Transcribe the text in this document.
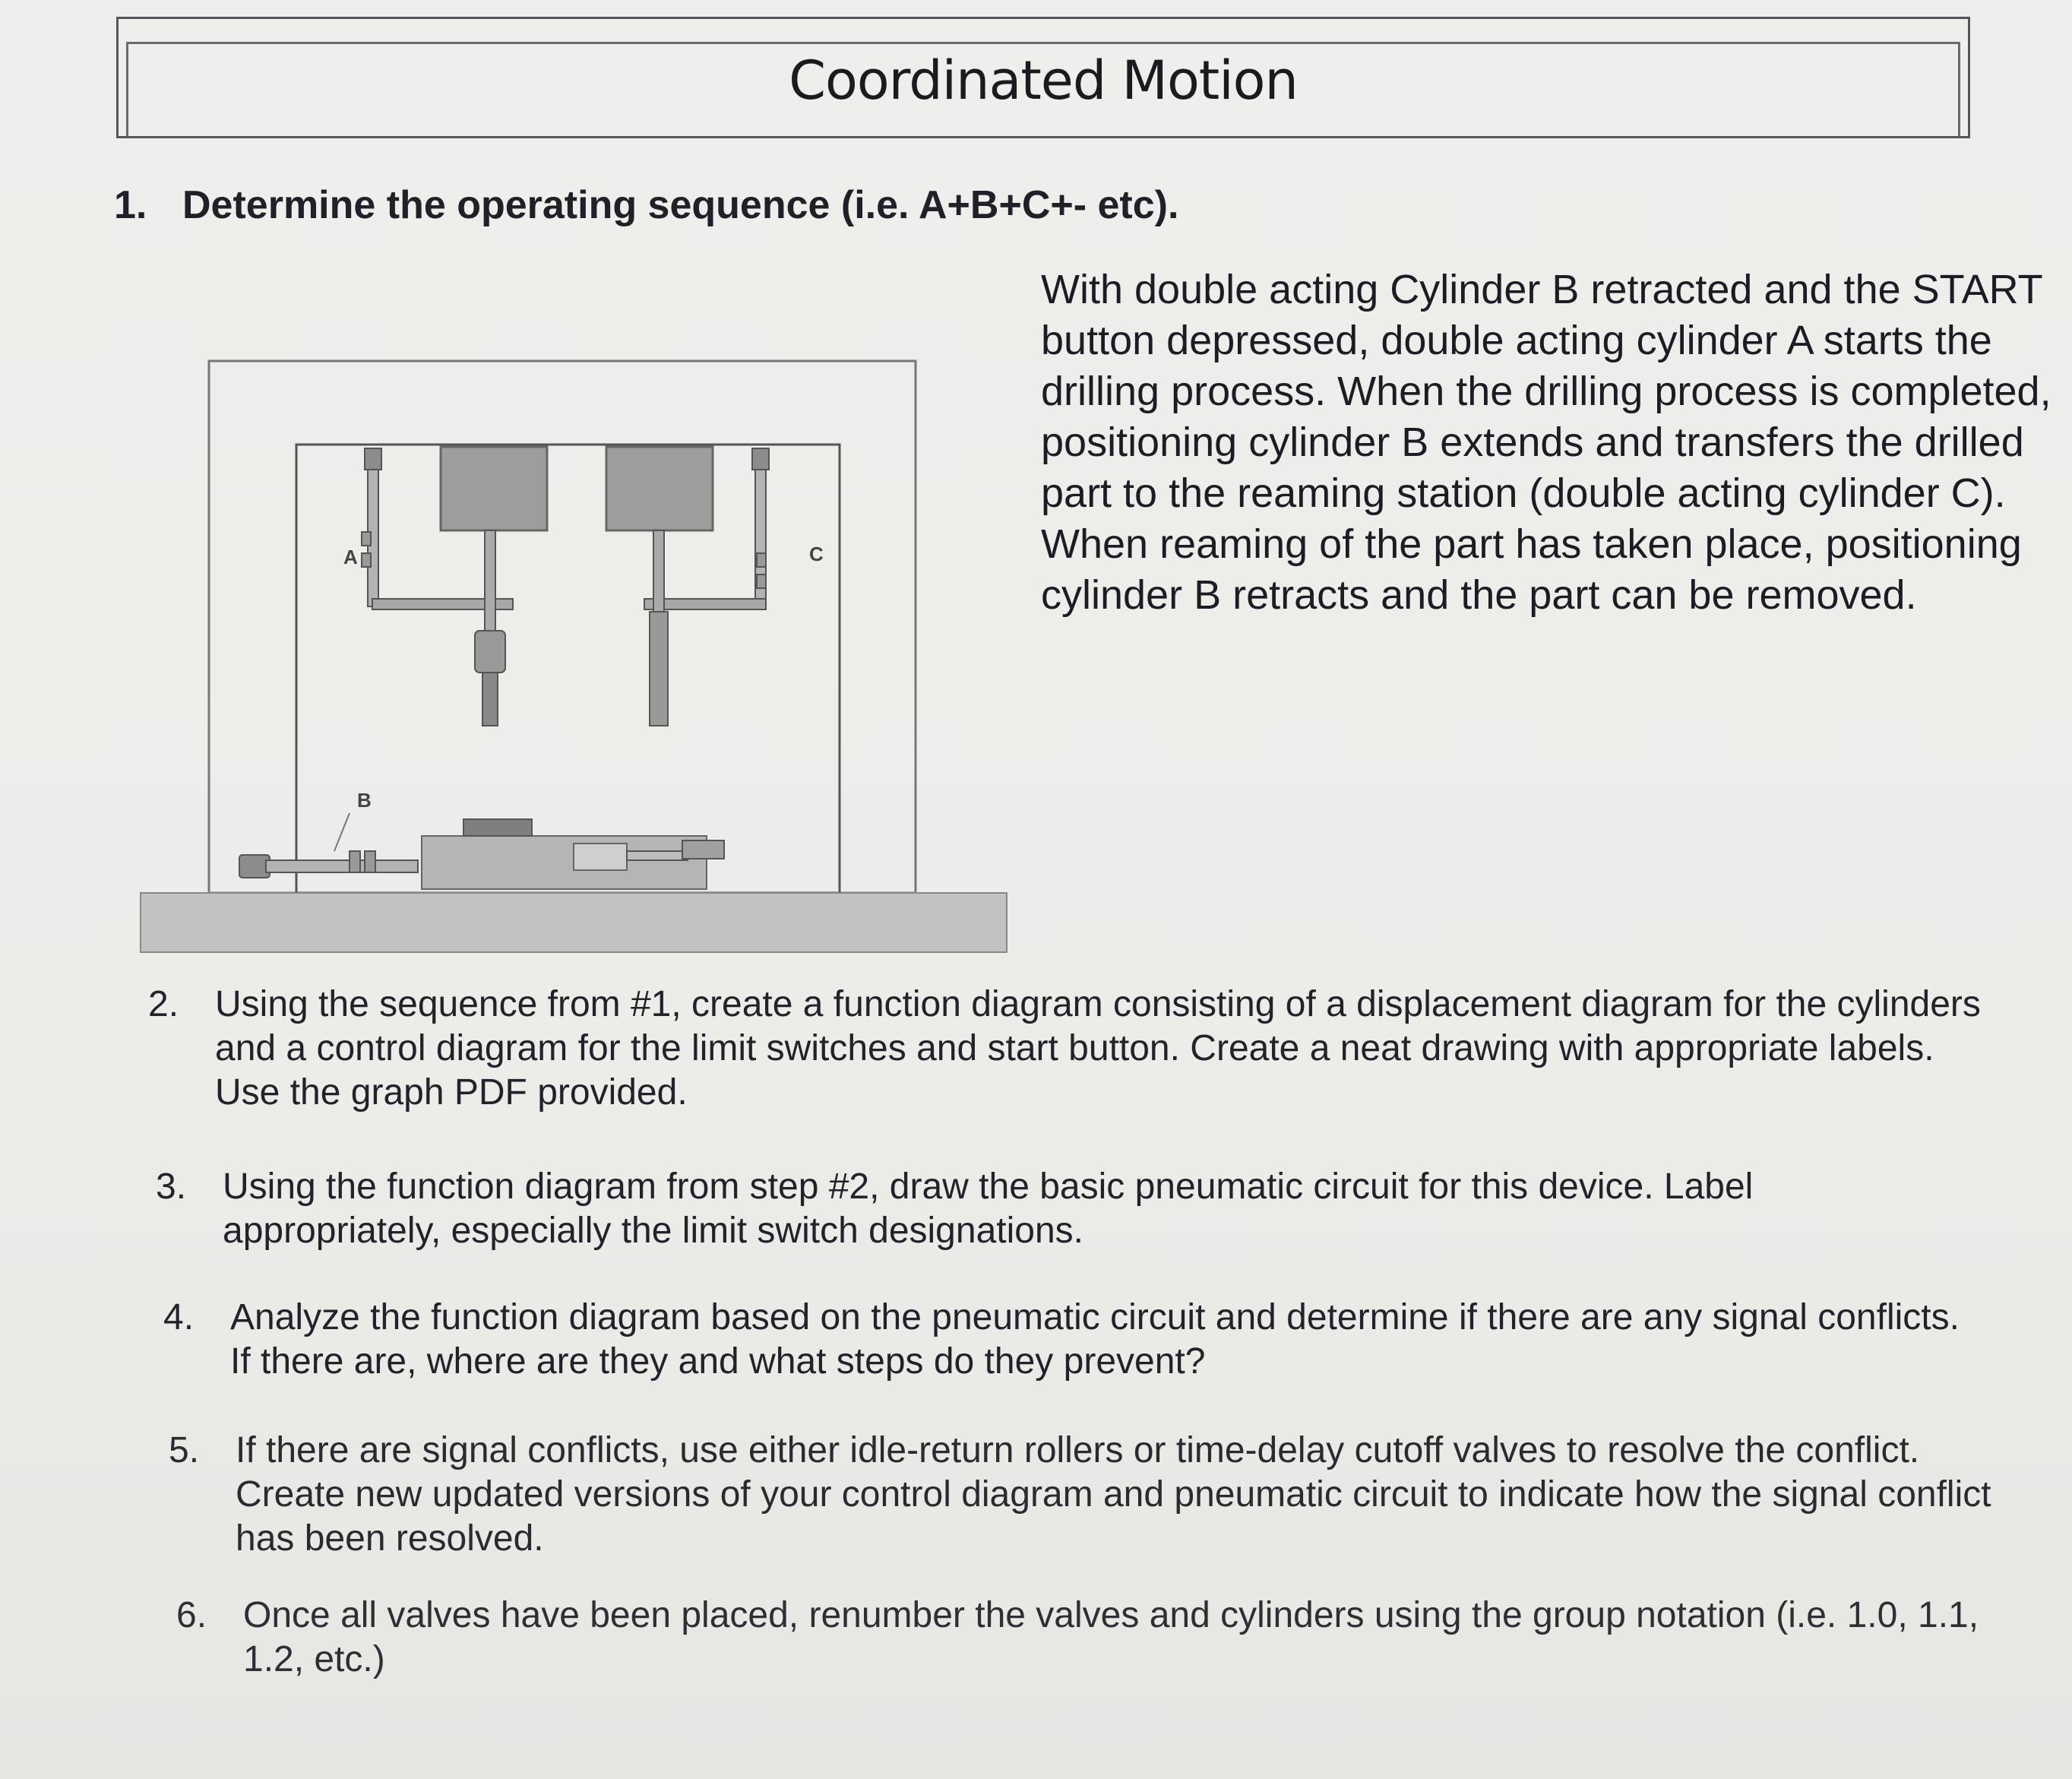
Coordinated Motion
1. Determine the operating sequence (i.e. A+B+C+- etc).
With double acting Cylinder B retracted and the START button depressed, double acting cylinder A starts the drilling process. When the drilling process is completed, positioning cylinder B extends and transfers the drilled part to the reaming station (double acting cylinder C). When reaming of the part has taken place, positioning cylinder B retracts and the part can be removed.
A	C
B
2. Using the sequence from #1, create a function diagram consisting of a displacement diagram for the cylinders and a control diagram for the limit switches and start button. Create a neat drawing with appropriate labels. Use the graph PDF provided.
3. Using the function diagram from step #2, draw the basic pneumatic circuit for this device. Label appropriately, especially the limit switch designations.
4. Analyze the function diagram based on the pneumatic circuit and determine if there are any signal conflicts. If there are, where are they and what steps do they prevent?
5. If there are signal conflicts, use either idle-return rollers or time-delay cutoff valves to resolve the conflict. Create new updated versions of your control diagram and pneumatic circuit to indicate how the signal conflict has been resolved.
6. Once all valves have been placed, renumber the valves and cylinders using the group notation (i.e. 1.0, 1.1, 1.2, etc.)
